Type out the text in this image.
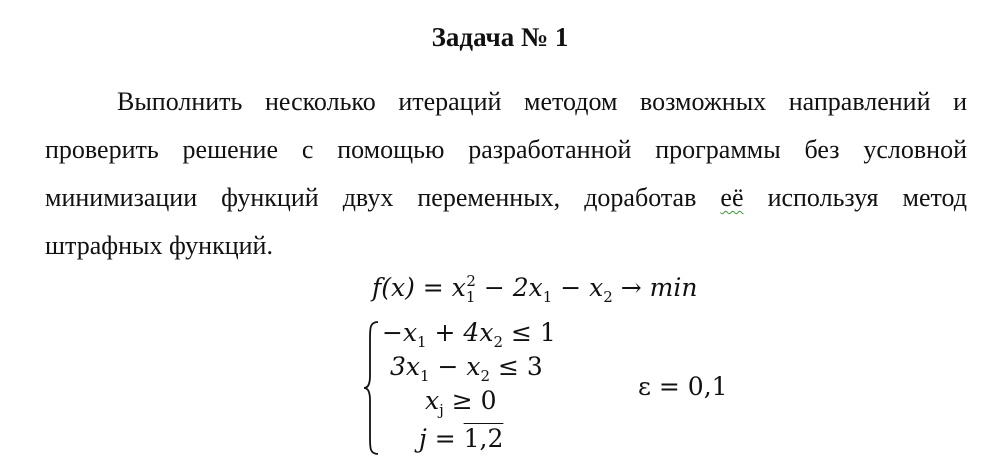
Задача № 1
Выполнить несколько итераций методом возможных направлений и
проверить решение с помощью разработанной программы без условной
минимизации функций двух переменных, доработав её используя метод
штрафных функций.
$f(x) = x_1^2 - 2x_1 - x_2 \to \min$
$-x_1 + 4x_2 \le 1$
$3x_1 - x_2 \le 3$
$x_j \ge 0$
j = 1,2
ε = 0,1
